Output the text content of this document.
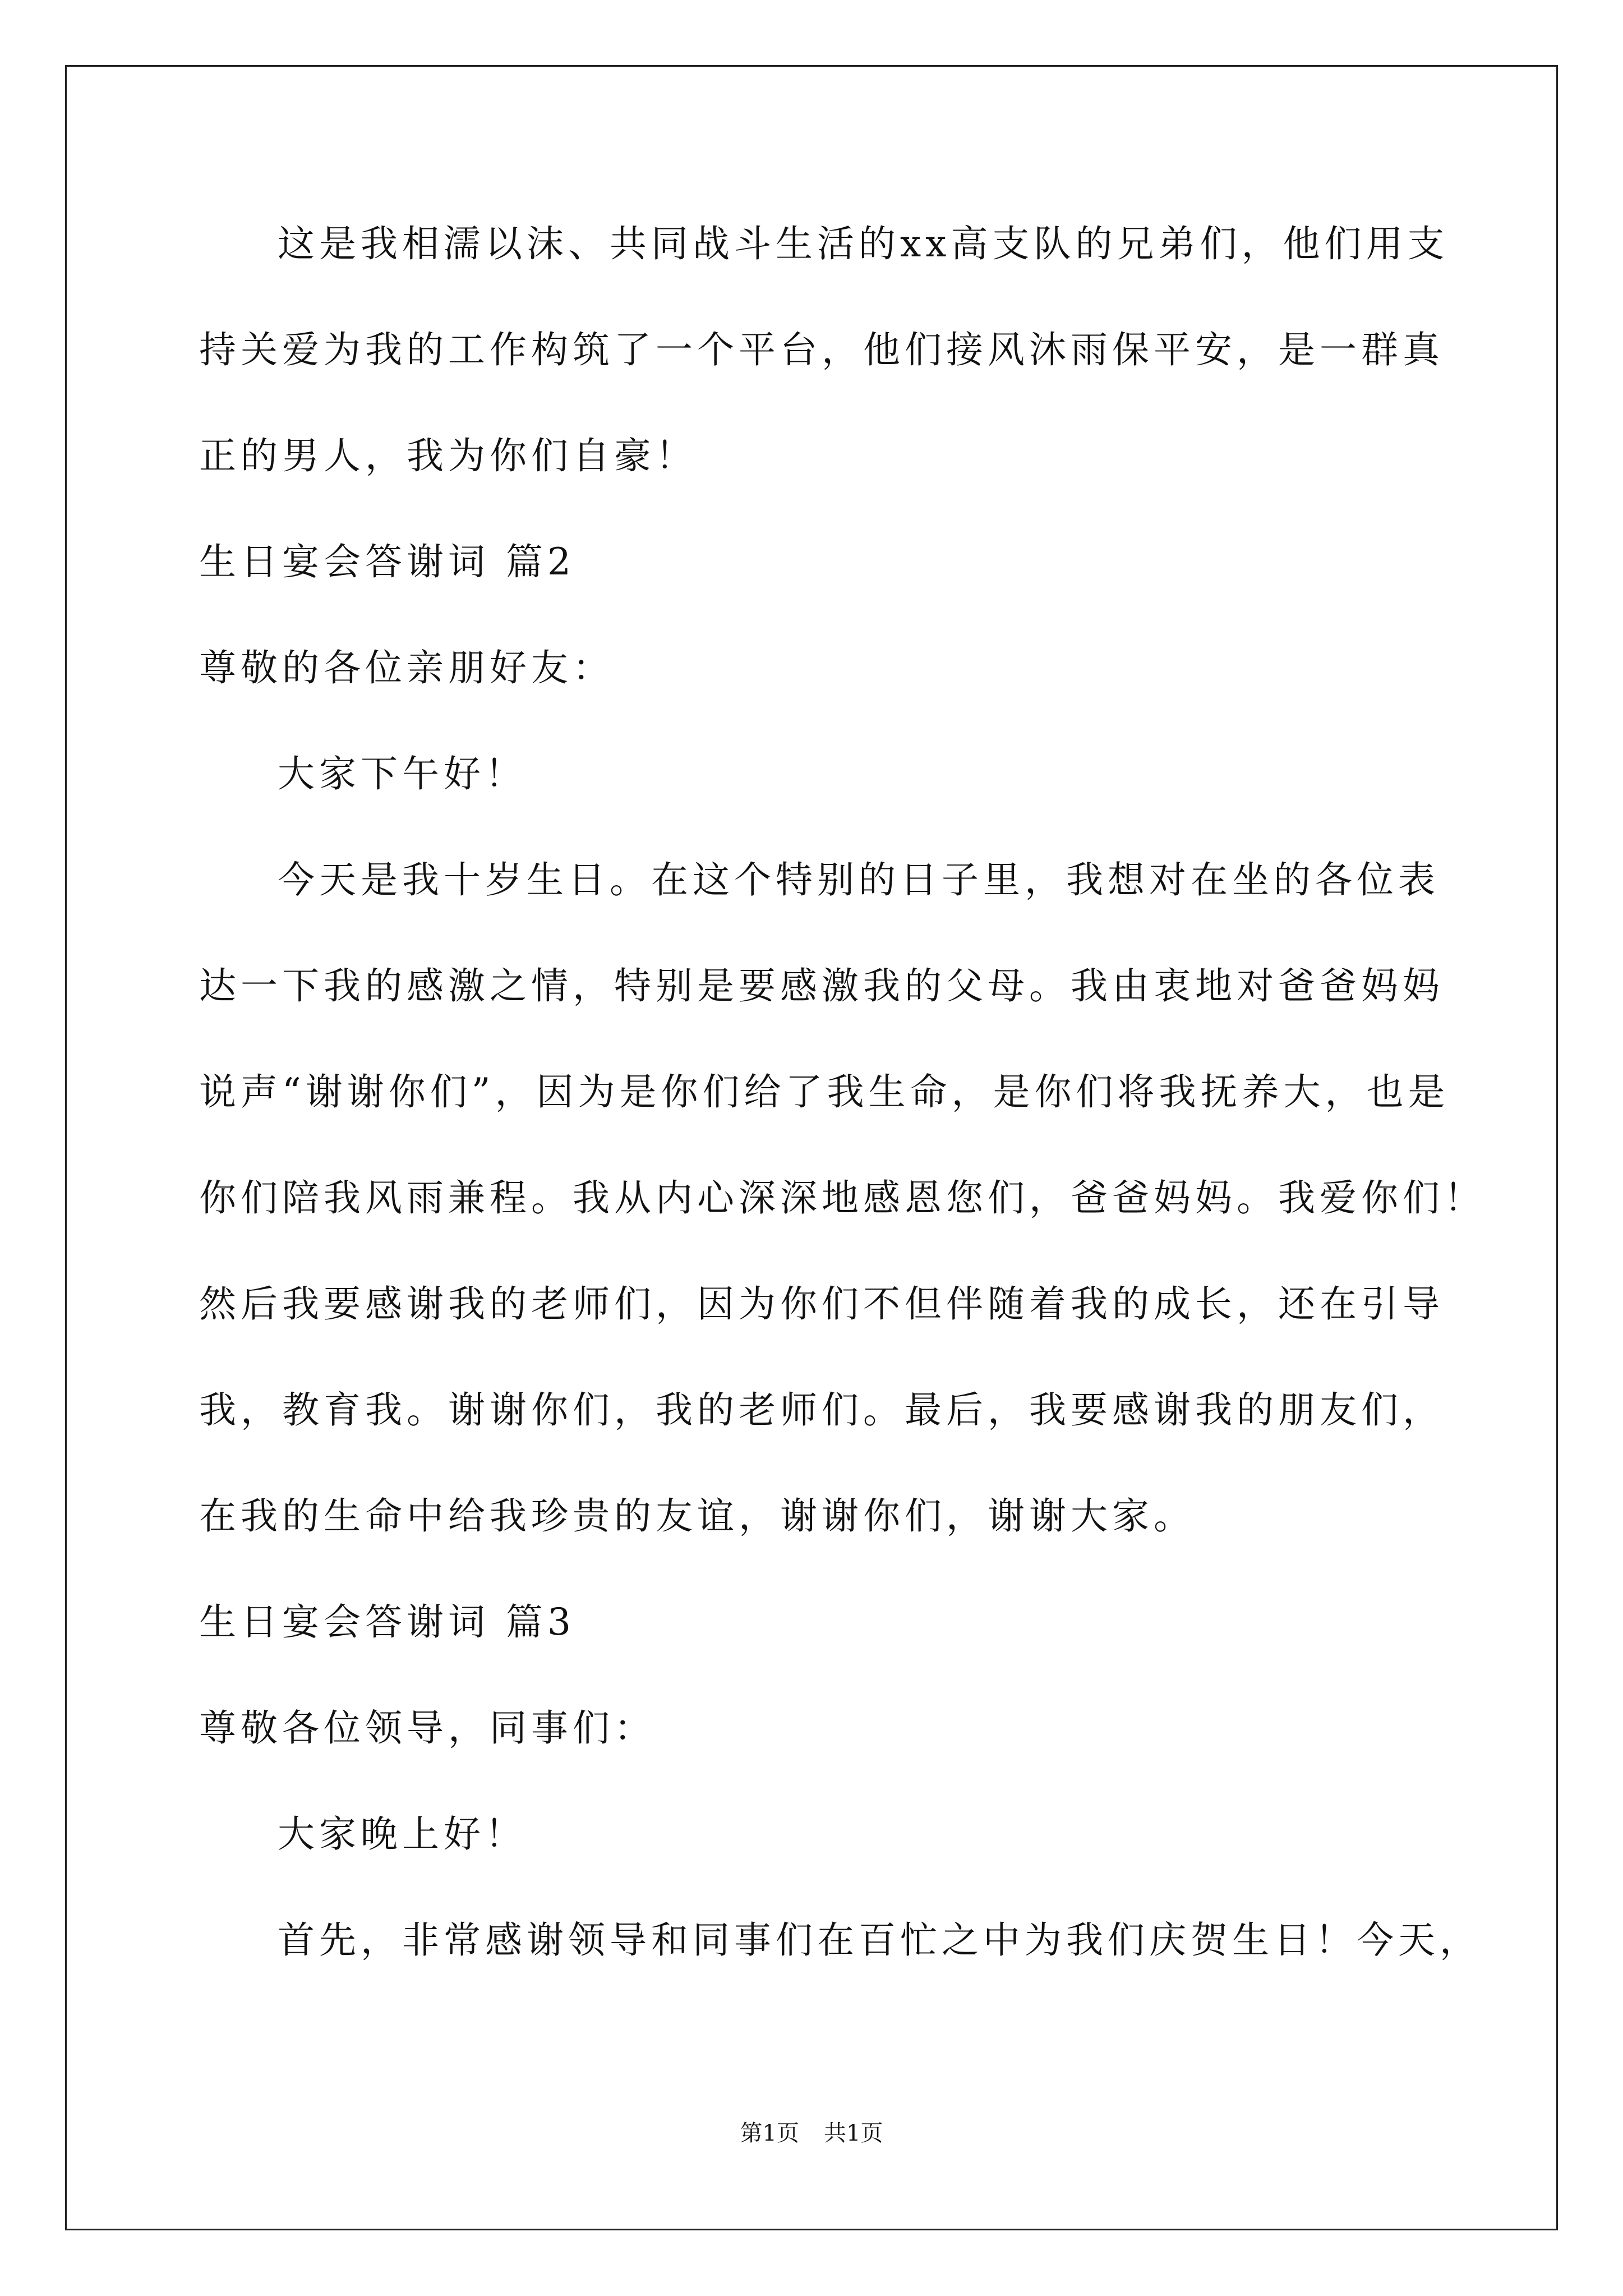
这是我相濡以沫、共同战斗生活的xx高支队的兄弟们，他们用支
持关爱为我的工作构筑了一个平台，他们接风沐雨保平安，是一群真
正的男人，我为你们自豪！
生日宴会答谢词 篇2
尊敬的各位亲朋好友：
大家下午好！
今天是我十岁生日。在这个特别的日子里，我想对在坐的各位表
达一下我的感激之情，特别是要感激我的父母。我由衷地对爸爸妈妈
说声“谢谢你们”，因为是你们给了我生命，是你们将我抚养大，也是
你们陪我风雨兼程。我从内心深深地感恩您们，爸爸妈妈。我爱你们！
然后我要感谢我的老师们，因为你们不但伴随着我的成长，还在引导
我，教育我。谢谢你们，我的老师们。最后，我要感谢我的朋友们，
在我的生命中给我珍贵的友谊，谢谢你们，谢谢大家。
生日宴会答谢词 篇3
尊敬各位领导，同事们：
大家晚上好！
首先，非常感谢领导和同事们在百忙之中为我们庆贺生日！今天，
第1页 共1页
